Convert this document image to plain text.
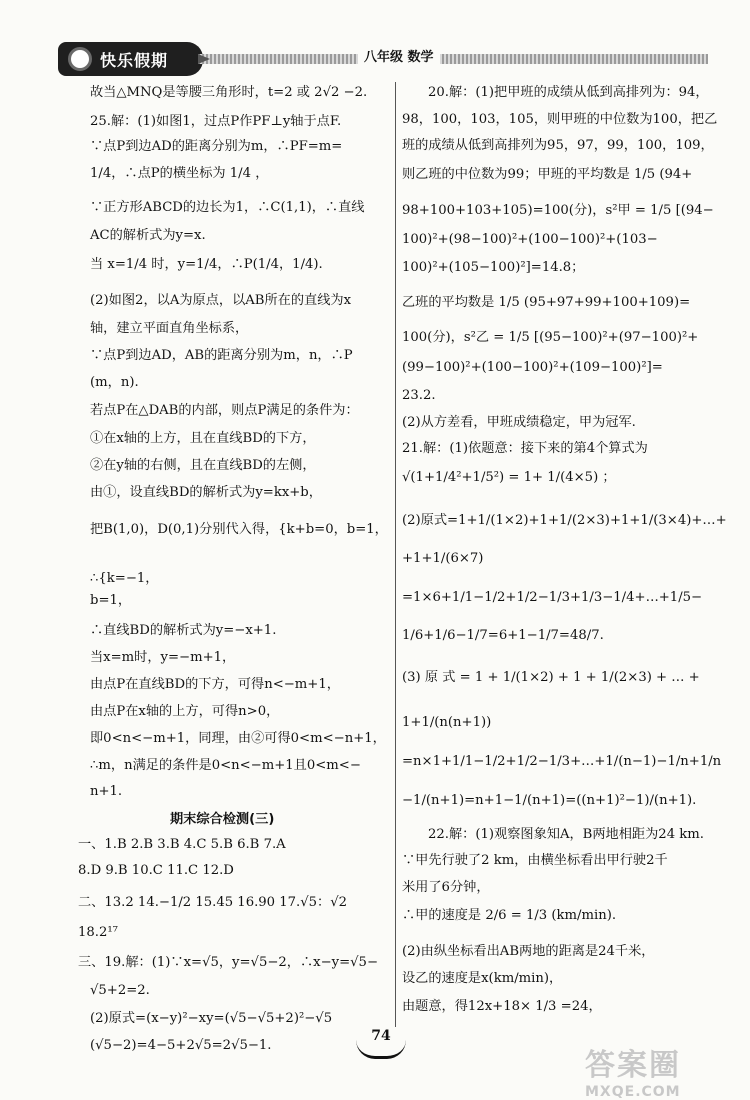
快乐假期	八年级 数学
故当△MNQ是等腰三角形时，t=2 或 2√2 −2.
25.解：(1)如图1，过点P作PF⊥y轴于点F.
∵点P到边AD的距离分别为m，∴PF=m=
1/4，∴点P的横坐标为 1/4 ，
∵正方形ABCD的边长为1，∴C(1,1)，∴直线
AC的解析式为y=x.
当 x=1/4 时，y=1/4，∴P(1/4，1/4).
(2)如图2，以A为原点，以AB所在的直线为x
轴，建立平面直角坐标系，
∵点P到边AD，AB的距离分别为m，n，∴P
(m，n).
若点P在△DAB的内部，则点P满足的条件为：
①在x轴的上方，且在直线BD的下方，
②在y轴的右侧，且在直线BD的左侧，
由①，设直线BD的解析式为y=kx+b，
把B(1,0)，D(0,1)分别代入得，{k+b=0，b=1，
∴{k=−1，
b=1，
∴直线BD的解析式为y=−x+1.
当x=m时，y=−m+1，
由点P在直线BD的下方，可得n<−m+1，
由点P在x轴的上方，可得n>0，
即0<n<−m+1，同理，由②可得0<m<−n+1，
∴m，n满足的条件是0<n<−m+1且0<m<−
n+1.
期末综合检测(三)
一、1.B 2.B 3.B 4.C 5.B 6.B 7.A
8.D 9.B 10.C 11.C 12.D
二、13.2 14.−1/2 15.45 16.90 17.√5：√2
18.2¹⁷
三、19.解：(1)∵x=√5，y=√5−2，∴x−y=√5−
√5+2=2.
(2)原式=(x−y)²−xy=(√5−√5+2)²−√5
(√5−2)=4−5+2√5=2√5−1.
20.解：(1)把甲班的成绩从低到高排列为：94，
98，100，103，105，则甲班的中位数为100，把乙
班的成绩从低到高排列为95，97，99，100，109，
则乙班的中位数为99；甲班的平均数是 1/5 (94+
98+100+103+105)=100(分)，s²甲 = 1/5 [(94−
100)²+(98−100)²+(100−100)²+(103−
100)²+(105−100)²]=14.8；
乙班的平均数是 1/5 (95+97+99+100+109)=
100(分)，s²乙 = 1/5 [(95−100)²+(97−100)²+
(99−100)²+(100−100)²+(109−100)²]=
23.2.
(2)从方差看，甲班成绩稳定，甲为冠军.
21.解：(1)依题意：接下来的第4个算式为
√(1+1/4²+1/5²) = 1+ 1/(4×5) ；
(2)原式=1+1/(1×2)+1+1/(2×3)+1+1/(3×4)+…+
+1+1/(6×7)
=1×6+1/1−1/2+1/2−1/3+1/3−1/4+…+1/5−
1/6+1/6−1/7=6+1−1/7=48/7.
(3) 原 式 = 1 + 1/(1×2) + 1 + 1/(2×3) + … +
1+1/(n(n+1))
=n×1+1/1−1/2+1/2−1/3+…+1/(n−1)−1/n+1/n
−1/(n+1)=n+1−1/(n+1)=((n+1)²−1)/(n+1).
22.解：(1)观察图象知A，B两地相距为24 km.
∵甲先行驶了2 km，由横坐标看出甲行驶2千
米用了6分钟，
∴甲的速度是 2/6 = 1/3 (km/min).
(2)由纵坐标看出AB两地的距离是24千米，
设乙的速度是x(km/min)，
由题意，得12x+18× 1/3 =24，
74
答案圈
MXQE.COM
